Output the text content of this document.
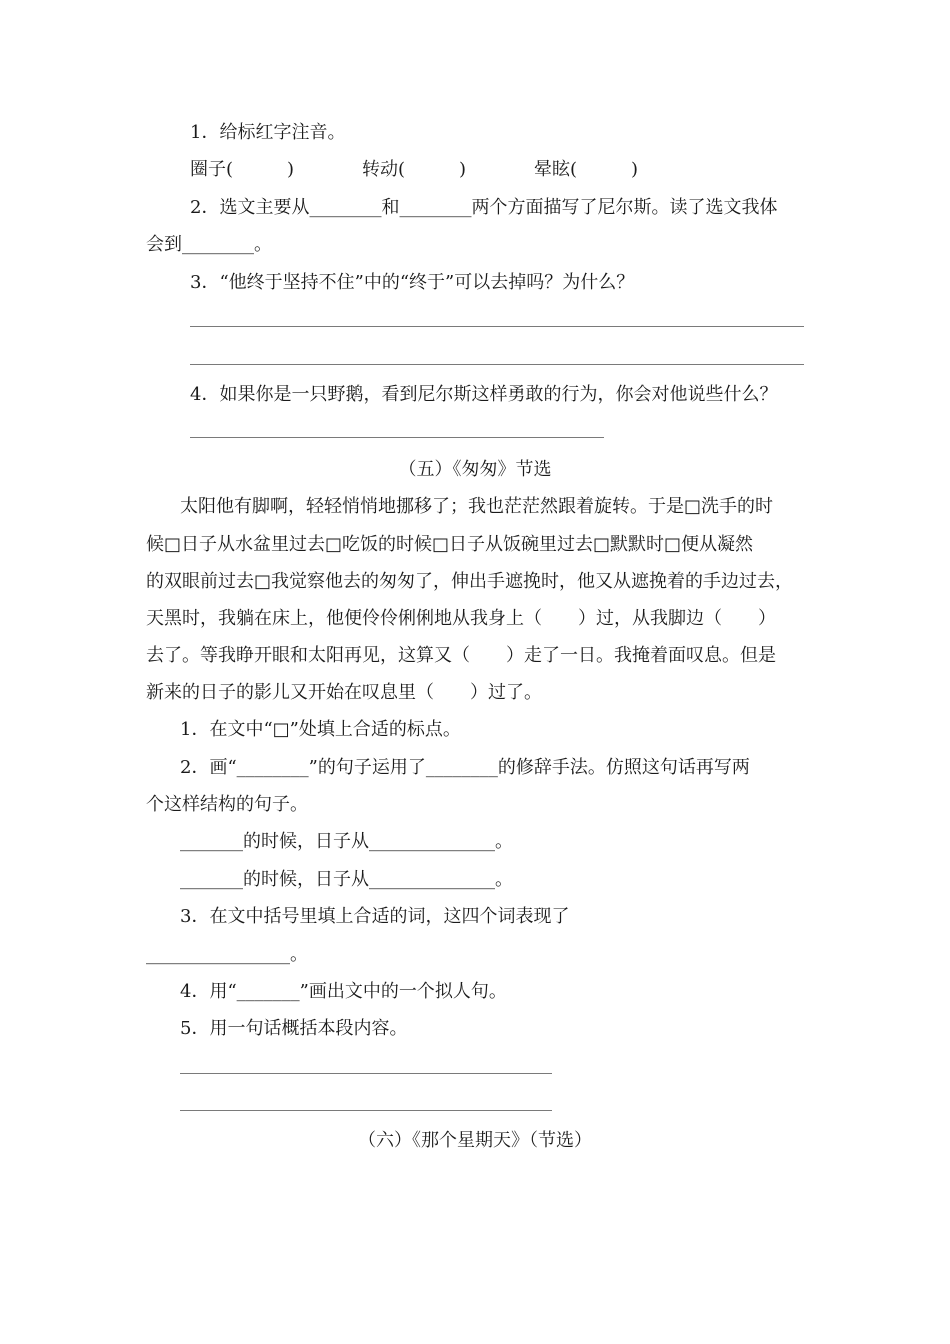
1．给标红字注音。
圈子(　　　)	转动(　　　)	晕眩(　　　)
2．选文主要从________和________两个方面描写了尼尔斯。读了选文我体
会到________。
3．“他终于坚持不住”中的“终于”可以去掉吗？为什么？
4．如果你是一只野鹅，看到尼尔斯这样勇敢的行为，你会对他说些什么？
（五）《匆匆》节选
太阳他有脚啊，轻轻悄悄地挪移了；我也茫茫然跟着旋转。于是□洗手的时
候□日子从水盆里过去□吃饭的时候□日子从饭碗里过去□默默时□便从凝然
的双眼前过去□我觉察他去的匆匆了，伸出手遮挽时，他又从遮挽着的手边过去，
天黑时，我躺在床上，他便伶伶俐俐地从我身上（　　）过，从我脚边（　　）
去了。等我睁开眼和太阳再见，这算又（　　）走了一日。我掩着面叹息。但是
新来的日子的影儿又开始在叹息里（　　）过了。
1．在文中“□”处填上合适的标点。
2．画“________”的句子运用了________的修辞手法。仿照这句话再写两
个这样结构的句子。
_______的时候，日子从______________。
_______的时候，日子从______________。
3．在文中括号里填上合适的词，这四个词表现了
________________。
4．用“_______”画出文中的一个拟人句。
5．用一句话概括本段内容。
（六）《那个星期天》（节选）
